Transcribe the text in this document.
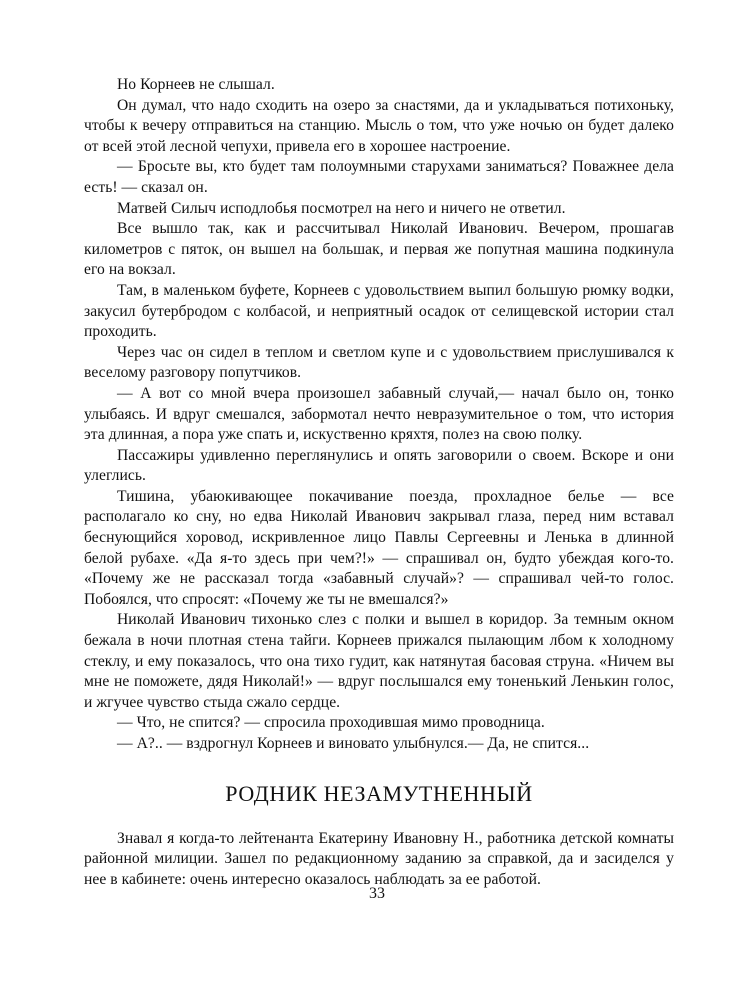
Но Корнеев не слышал.

Он думал, что надо сходить на озеро за снастями, да и укладываться потихоньку, чтобы к вечеру отправиться на станцию. Мысль о том, что уже ночью он будет далеко от всей этой лесной чепухи, привела его в хорошее настроение.

— Бросьте вы, кто будет там полоумными старухами заниматься? Поважнее дела есть! — сказал он.

Матвей Силыч исподлобья посмотрел на него и ничего не ответил.

Все вышло так, как и рассчитывал Николай Иванович. Вечером, прошагав километров с пяток, он вышел на большак, и первая же попутная машина подкинула его на вокзал.

Там, в маленьком буфете, Корнеев с удовольствием выпил большую рюмку водки, закусил бутербродом с колбасой, и неприятный осадок от селищевской истории стал проходить.

Через час он сидел в теплом и светлом купе и с удовольствием прислушивался к веселому разговору попутчиков.

— А вот со мной вчера произошел забавный случай,— начал было он, тонко улыбаясь. И вдруг смешался, забормотал нечто невразумительное о том, что история эта длинная, а пора уже спать и, искуственно кряхтя, полез на свою полку.

Пассажиры удивленно переглянулись и опять заговорили о своем. Вскоре и они улеглись.

Тишина, убаюкивающее покачивание поезда, прохладное белье — все располагало ко сну, но едва Николай Иванович закрывал глаза, перед ним вставал беснующийся хоровод, искривленное лицо Павлы Сергеевны и Ленька в длинной белой рубахе. «Да я-то здесь при чем?!» — спрашивал он, будто убеждая кого-то. «Почему же не рассказал тогда «забавный случай»? — спрашивал чей-то голос. Побоялся, что спросят: «Почему же ты не вмешался?»

Николай Иванович тихонько слез с полки и вышел в коридор. За темным окном бежала в ночи плотная стена тайги. Корнеев прижался пылающим лбом к холодному стеклу, и ему показалось, что она тихо гудит, как натянутая басовая струна. «Ничем вы мне не поможете, дядя Николай!» — вдруг послышался ему тоненький Ленькин голос, и жгучее чувство стыда сжало сердце.

— Что, не спится? — спросила проходившая мимо проводница.

— А?.. — вздрогнул Корнеев и виновато улыбнулся.— Да, не спится...

РОДНИК НЕЗАМУТНЕННЫЙ

Знавал я когда-то лейтенанта Екатерину Ивановну Н., работника детской комнаты районной милиции. Зашел по редакционному заданию за справкой, да и засиделся у нее в кабинете: очень интересно оказалось наблюдать за ее работой.

33
